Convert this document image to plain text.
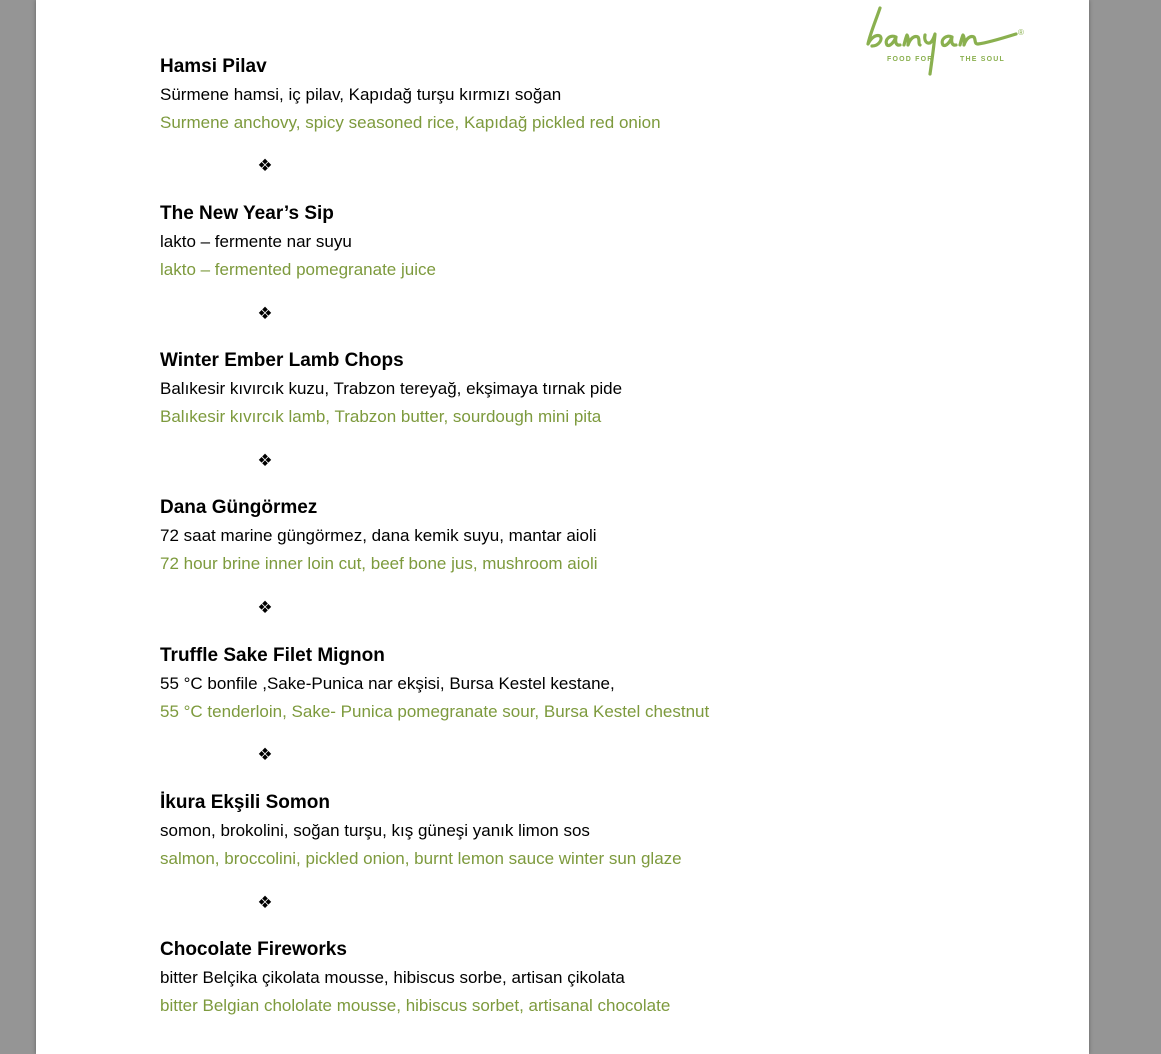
®
FOOD FOR	THE SOUL
Hamsi Pilav
Sürmene hamsi, iç pilav, Kapıdağ turşu kırmızı soğan
Surmene anchovy, spicy seasoned rice, Kapıdağ pickled red onion
❖
The New Year’s Sip
lakto – fermente nar suyu
lakto – fermented pomegranate juice
❖
Winter Ember Lamb Chops
Balıkesir kıvırcık kuzu, Trabzon tereyağ, ekşimaya tırnak pide
Balıkesir kıvırcık lamb, Trabzon butter, sourdough mini pita
❖
Dana Güngörmez
72 saat marine güngörmez, dana kemik suyu, mantar aioli
72 hour brine inner loin cut, beef bone jus, mushroom aioli
❖
Truffle Sake Filet Mignon
55 °C bonfile ,Sake-Punica nar ekşisi, Bursa Kestel kestane,
55 °C tenderloin, Sake- Punica pomegranate sour, Bursa Kestel chestnut
❖
İkura Ekşili Somon
somon, brokolini, soğan turşu, kış güneşi yanık limon sos
salmon, broccolini, pickled onion, burnt lemon sauce winter sun glaze
❖
Chocolate Fireworks
bitter Belçika çikolata mousse, hibiscus sorbe, artisan çikolata
bitter Belgian chololate mousse, hibiscus sorbet, artisanal chocolate
